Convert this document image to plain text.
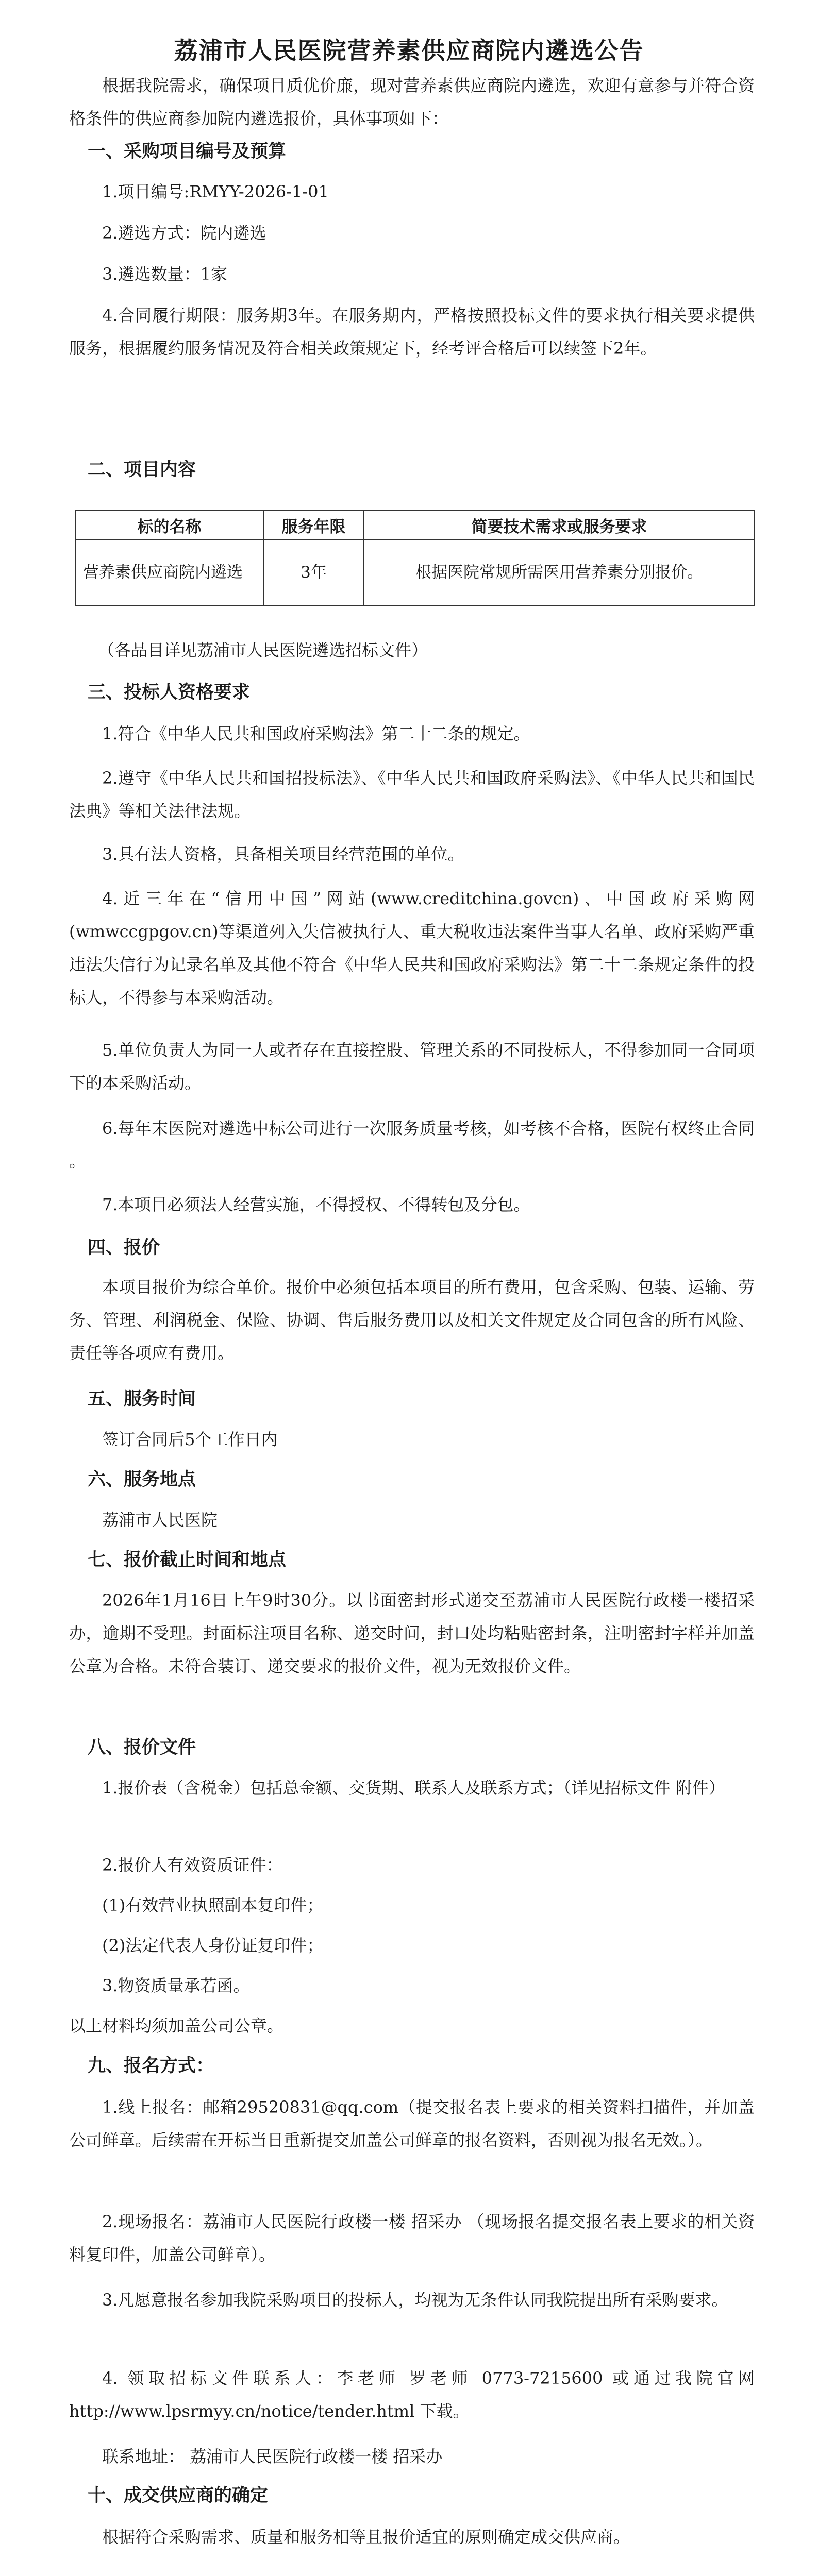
荔浦市人民医院营养素供应商院内遴选公告

根据我院需求，确保项目质优价廉，现对营养素供应商院内遴选，欢迎有意参与并符合资格条件的供应商参加院内遴选报价，具体事项如下：

一、采购项目编号及预算

1.项目编号:RMYY-2026-1-01

2.遴选方式：院内遴选

3.遴选数量：1家

4.合同履行期限：服务期3年。在服务期内，严格按照投标文件的要求执行相关要求提供服务，根据履约服务情况及符合相关政策规定下，经考评合格后可以续签下2年。

二、项目内容
标的名称	服务年限	简要技术需求或服务要求
营养素供应商院内遴选	3年	根据医院常规所需医用营养素分别报价。

（各品目详见荔浦市人民医院遴选招标文件）

三、投标人资格要求

1.符合《中华人民共和国政府采购法》第二十二条的规定。

2.遵守《中华人民共和国招投标法》、《中华人民共和国政府采购法》、《中华人民共和国民法典》等相关法律法规。

3.具有法人资格，具备相关项目经营范围的单位。

4.近三年在“信用中国”网站(www.creditchina.govcn)、中国政府采购网(wmwccgpgov.cn)等渠道列入失信被执行人、重大税收违法案件当事人名单、政府采购严重违法失信行为记录名单及其他不符合《中华人民共和国政府采购法》第二十二条规定条件的投标人，不得参与本采购活动。

5.单位负责人为同一人或者存在直接控股、管理关系的不同投标人，不得参加同一合同项下的本采购活动。

6.每年末医院对遴选中标公司进行一次服务质量考核，如考核不合格，医院有权终止合同 。

7.本项目必须法人经营实施，不得授权、不得转包及分包。

四、报价

本项目报价为综合单价。报价中必须包括本项目的所有费用，包含采购、包装、运输、劳务、管理、利润税金、保险、协调、售后服务费用以及相关文件规定及合同包含的所有风险、责任等各项应有费用。

五、服务时间

签订合同后5个工作日内

六、服务地点

荔浦市人民医院

七、报价截止时间和地点

2026年1月16日上午9时30分。以书面密封形式递交至荔浦市人民医院行政楼一楼招采办，逾期不受理。封面标注项目名称、递交时间，封口处均粘贴密封条，注明密封字样并加盖公章为合格。未符合装订、递交要求的报价文件，视为无效报价文件。

八、报价文件

1.报价表（含税金）包括总金额、交货期、联系人及联系方式；（详见招标文件 附件）

2.报价人有效资质证件：

(1)有效营业执照副本复印件；

(2)法定代表人身份证复印件；

3.物资质量承若函。

以上材料均须加盖公司公章。

九、报名方式：

1.线上报名：邮箱29520831@qq.com（提交报名表上要求的相关资料扫描件，并加盖公司鲜章。后续需在开标当日重新提交加盖公司鲜章的报名资料，否则视为报名无效。）。

2.现场报名：荔浦市人民医院行政楼一楼 招采办 （现场报名提交报名表上要求的相关资料复印件，加盖公司鲜章）。

3.凡愿意报名参加我院采购项目的投标人，均视为无条件认同我院提出所有采购要求。

4. 领取招标文件联系人：李老师 罗老师 0773-7215600 或通过我院官网http://www.lpsrmyy.cn/notice/tender.html 下载。

联系地址： 荔浦市人民医院行政楼一楼 招采办

十、成交供应商的确定

根据符合采购需求、质量和服务相等且报价适宜的原则确定成交供应商。
